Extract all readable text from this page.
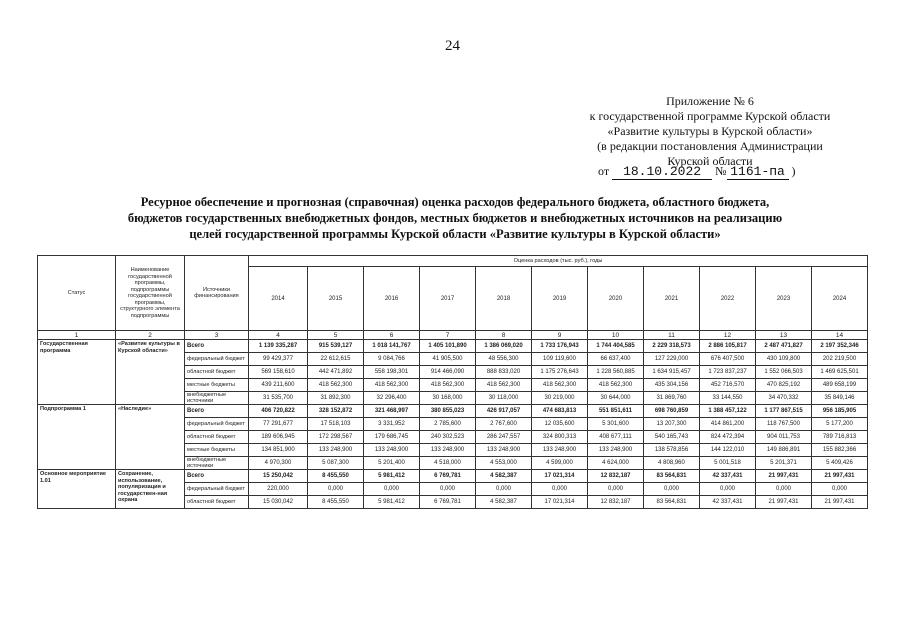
24
Приложение № 6
к государственной программе Курской области
«Развитие культуры в Курской области»
(в редакции постановления Администрации
Курской области
от 18.10.2022 № 1161-па )
Ресурное обеспечение и прогнозная (справочная) оценка расходов федерального бюджета, областного бюджета,
бюджетов государственных внебюджетных фондов, местных бюджетов и внебюджетных источников на реализацию
целей государственной программы Курской области «Развитие культуры в Курской области»
Статус	Наименование государственной программы, подпрограммы государственной программы, структурного элемента подпрограммы	Источники финансирования	Оценка расходов (тыс. руб.), годы										
			2014	2015	2016	2017	2018	2019	2020	2021	2022	2023	2024
1	2	3	4	5	6	7	8	9	10	11	12	13	14
Государственная программа	«Развитие культуры в Курской области»	Всего	1 139 335,287	915 539,127	1 018 141,767	1 405 101,890	1 386 069,020	1 733 176,943	1 744 404,585	2 229 318,573	2 886 105,817	2 487 471,827	2 197 352,346
		федеральный бюджет	99 429,377	22 612,615	9 084,766	41 905,500	48 556,300	109 119,600	66 637,400	127 229,000	676 407,500	430 109,800	202 219,500
		областной бюджет	569 158,610	442 471,892	558 198,301	914 466,090	888 833,020	1 175 276,643	1 228 560,885	1 634 915,457	1 723 837,237	1 552 066,503	1 469 625,501
		местные бюджеты	439 211,600	418 562,300	418 562,300	418 562,300	418 562,300	418 562,300	418 562,300	435 304,156	452 716,570	470 825,192	489 658,199
		внебюджетные источники	31 535,700	31 892,300	32 296,400	30 168,000	30 118,000	30 219,000	30 644,000	31 869,760	33 144,550	34 470,332	35 849,146
Подпрограмма 1	«Наследие»	Всего	406 720,822	328 152,872	321 468,997	380 855,023	426 917,057	474 683,813	551 851,611	698 760,859	1 388 457,122	1 177 867,515	956 185,905
		федеральный бюджет	77 291,677	17 518,103	3 331,952	2 785,600	2 767,600	12 035,600	5 301,600	13 207,300	414 861,200	118 767,500	5 177,200
		областной бюджет	189 606,945	172 298,567	179 686,745	240 302,523	286 247,557	324 800,313	408 677,111	540 165,743	824 472,394	904 011,753	789 716,813
		местные бюджеты	134 851,900	133 248,900	133 248,900	133 248,900	133 248,900	133 248,900	133 248,900	138 578,856	144 122,010	149 886,891	155 882,366
		внебюджетные источники	4 970,300	5 087,300	5 201,400	4 518,000	4 553,000	4 599,000	4 624,000	4 808,960	5 001,518	5 201,371	5 409,426
Основное мероприятие 1.01	Сохранение, использование, популяризация и государствен-ная охрана	Всего	15 250,042	8 455,550	5 981,412	6 769,781	4 582,387	17 021,314	12 832,187	83 564,831	42 337,431	21 997,431	21 997,431
		федеральный бюджет	220,000	0,000	0,000	0,000	0,000	0,000	0,000	0,000	0,000	0,000	0,000
		областной бюджет	15 030,042	8 455,550	5 981,412	6 769,781	4 582,387	17 021,314	12 832,187	83 564,831	42 337,431	21 997,431	21 997,431
